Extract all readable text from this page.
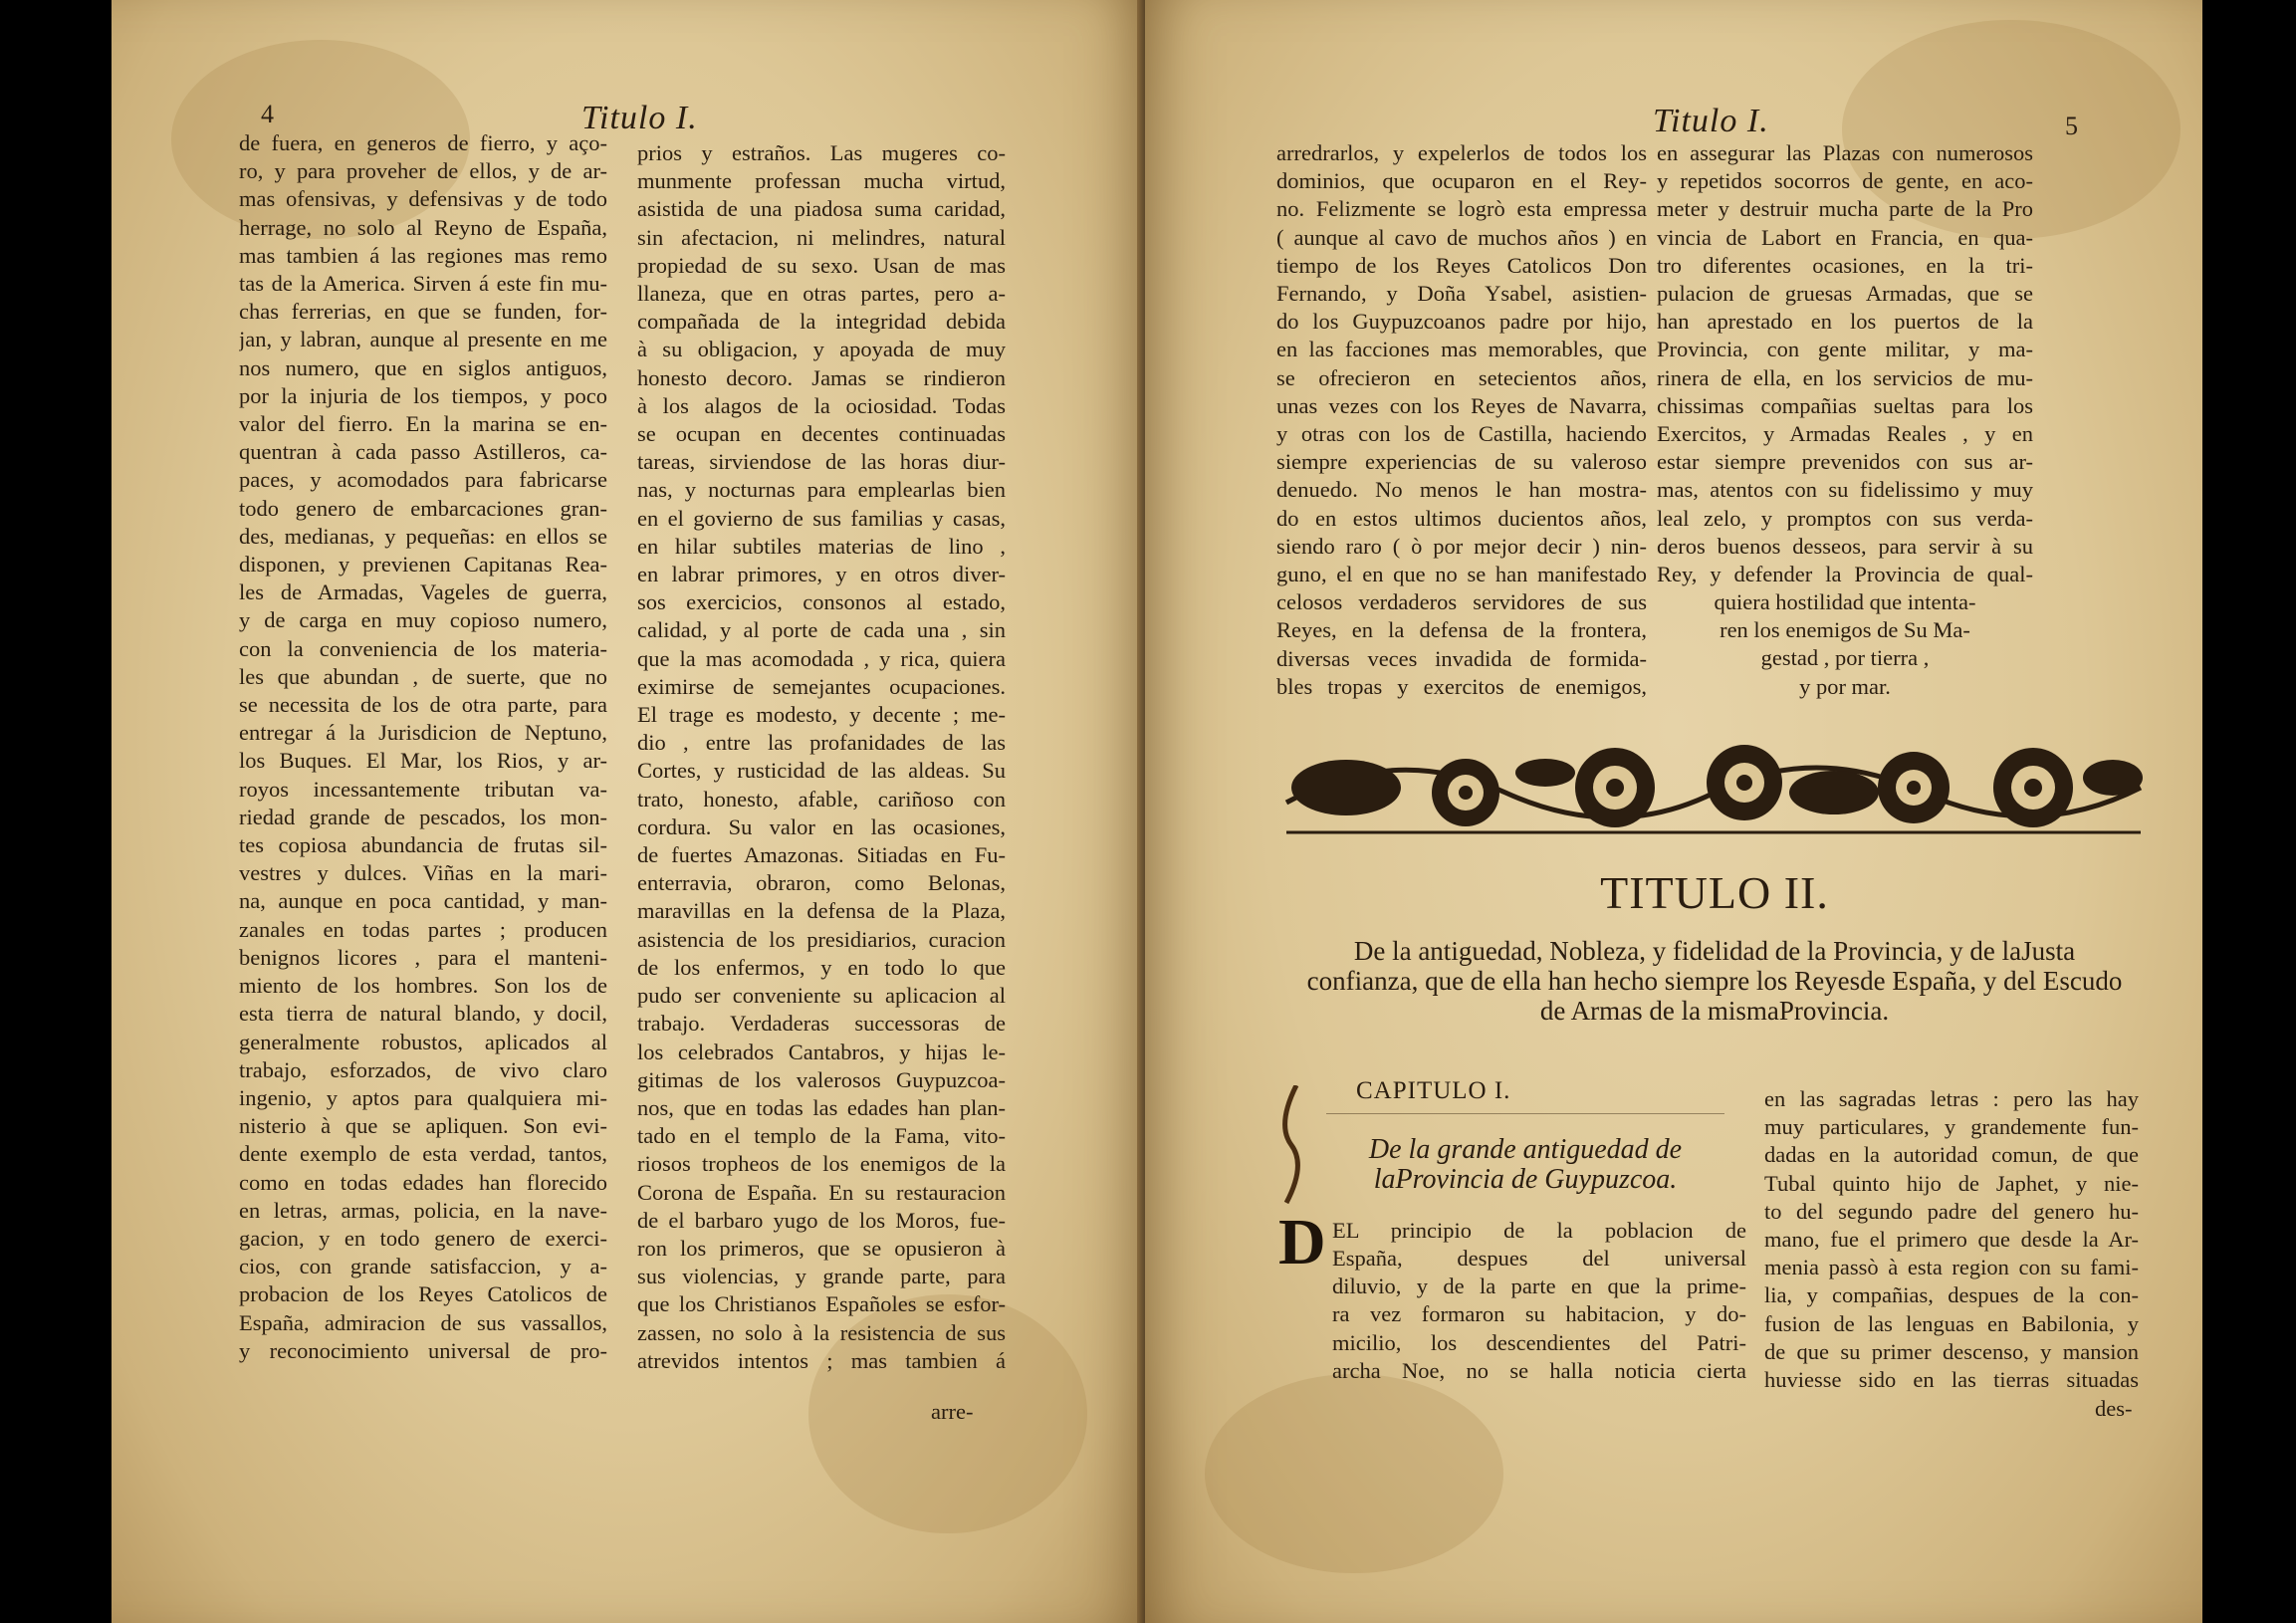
4	Titulo I.
de fuera, en generos de fierro, y aço-
ro, y para proveher de ellos, y de ar-
mas ofensivas, y defensivas y de todo
herrage, no solo al Reyno de España,
mas tambien á las regiones mas remo
tas de la America. Sirven á este fin mu-
chas ferrerias, en que se funden, for-
jan, y labran, aunque al presente en me
nos numero, que en siglos antiguos,
por la injuria de los tiempos, y poco
valor del fierro. En la marina se en-
quentran à cada passo Astilleros, ca-
paces, y acomodados para fabricarse
todo genero de embarcaciones gran-
des, medianas, y pequeñas: en ellos se
disponen, y previenen Capitanas Rea-
les de Armadas, Vageles de guerra,
y de carga en muy copioso numero,
con la conveniencia de los materia-
les que abundan , de suerte, que no
se necessita de los de otra parte, para
entregar á la Jurisdicion de Neptuno,
los Buques. El Mar, los Rios, y ar-
royos incessantemente tributan va-
riedad grande de pescados, los mon-
tes copiosa abundancia de frutas sil-
vestres y dulces. Viñas en la mari-
na, aunque en poca cantidad, y man-
zanales en todas partes ; producen
benignos licores , para el manteni-
miento de los hombres. Son los de
esta tierra de natural blando, y docil,
generalmente robustos, aplicados al
trabajo, esforzados, de vivo claro
ingenio, y aptos para qualquiera mi-
nisterio à que se apliquen. Son evi-
dente exemplo de esta verdad, tantos,
como en todas edades han florecido
en letras, armas, policia, en la nave-
gacion, y en todo genero de exerci-
cios, con grande satisfaccion, y a-
probacion de los Reyes Catolicos de
España, admiracion de sus vassallos,
y reconocimiento universal de pro-
prios y estraños. Las mugeres co-
munmente professan mucha virtud,
asistida de una piadosa suma caridad,
sin afectacion, ni melindres, natural
propiedad de su sexo. Usan de mas
llaneza, que en otras partes, pero a-
compañada de la integridad debida
à su obligacion, y apoyada de muy
honesto decoro. Jamas se rindieron
à los alagos de la ociosidad. Todas
se ocupan en decentes continuadas
tareas, sirviendose de las horas diur-
nas, y nocturnas para emplearlas bien
en el govierno de sus familias y casas,
en hilar subtiles materias de lino ,
en labrar primores, y en otros diver-
sos exercicios, consonos al estado,
calidad, y al porte de cada una , sin
que la mas acomodada , y rica, quiera
eximirse de semejantes ocupaciones.
El trage es modesto, y decente ; me-
dio , entre las profanidades de las
Cortes, y rusticidad de las aldeas. Su
trato, honesto, afable, cariñoso con
cordura. Su valor en las ocasiones,
de fuertes Amazonas. Sitiadas en Fu-
enterravia, obraron, como Belonas,
maravillas en la defensa de la Plaza,
asistencia de los presidiarios, curacion
de los enfermos, y en todo lo que
pudo ser conveniente su aplicacion al
trabajo. Verdaderas successoras de
los celebrados Cantabros, y hijas le-
gitimas de los valerosos Guypuzcoa-
nos, que en todas las edades han plan-
tado en el templo de la Fama, vito-
riosos tropheos de los enemigos de la
Corona de España. En su restauracion
de el barbaro yugo de los Moros, fue-
ron los primeros, que se opusieron à
sus violencias, y grande parte, para
que los Christianos Españoles se esfor-
zassen, no solo à la resistencia de sus
atrevidos intentos ; mas tambien á
arre-
Titulo I.	5
arredrarlos, y expelerlos de todos los
dominios, que ocuparon en el Rey-
no. Felizmente se logrò esta empressa
( aunque al cavo de muchos años ) en
tiempo de los Reyes Catolicos Don
Fernando, y Doña Ysabel, asistien-
do los Guypuzcoanos padre por hijo,
en las facciones mas memorables, que
se ofrecieron en setecientos años,
unas vezes con los Reyes de Navarra,
y otras con los de Castilla, haciendo
siempre experiencias de su valeroso
denuedo. No menos le han mostra-
do en estos ultimos ducientos años,
siendo raro ( ò por mejor decir ) nin-
guno, el en que no se han manifestado
celosos verdaderos servidores de sus
Reyes, en la defensa de la frontera,
diversas veces invadida de formida-
bles tropas y exercitos de enemigos,
en assegurar las Plazas con numerosos
y repetidos socorros de gente, en aco-
meter y destruir mucha parte de la Pro
vincia de Labort en Francia, en qua-
tro diferentes ocasiones, en la tri-
pulacion de gruesas Armadas, que se
han aprestado en los puertos de la
Provincia, con gente militar, y ma-
rinera de ella, en los servicios de mu-
chissimas compañias sueltas para los
Exercitos, y Armadas Reales , y en
estar siempre prevenidos con sus ar-
mas, atentos con su fidelissimo y muy
leal zelo, y promptos con sus verda-
deros buenos desseos, para servir à su
Rey, y defender la Provincia de qual-
quiera hostilidad que intenta-
ren los enemigos de Su Ma-
gestad , por tierra ,
y por mar.
TITULO II.
De la antiguedad, Nobleza, y fidelidad de la Provincia, y de laJusta confianza, que de ella han hecho siempre los Reyesde España, y del Escudo de Armas de la mismaProvincia.
CAPITULO I.
De la grande antiguedad de laProvincia de Guypuzcoa.
D EL principio de la poblacion de
España, despues del universal
diluvio, y de la parte en que la prime-
ra vez formaron su habitacion, y do-
micilio, los descendientes del Patri-
archa Noe, no se halla noticia cierta
en las sagradas letras : pero las hay
muy particulares, y grandemente fun-
dadas en la autoridad comun, de que
Tubal quinto hijo de Japhet, y nie-
to del segundo padre del genero hu-
mano, fue el primero que desde la Ar-
menia passò à esta region con su fami-
lia, y compañias, despues de la con-
fusion de las lenguas en Babilonia, y
de que su primer descenso, y mansion
huviesse sido en las tierras situadas
des-
